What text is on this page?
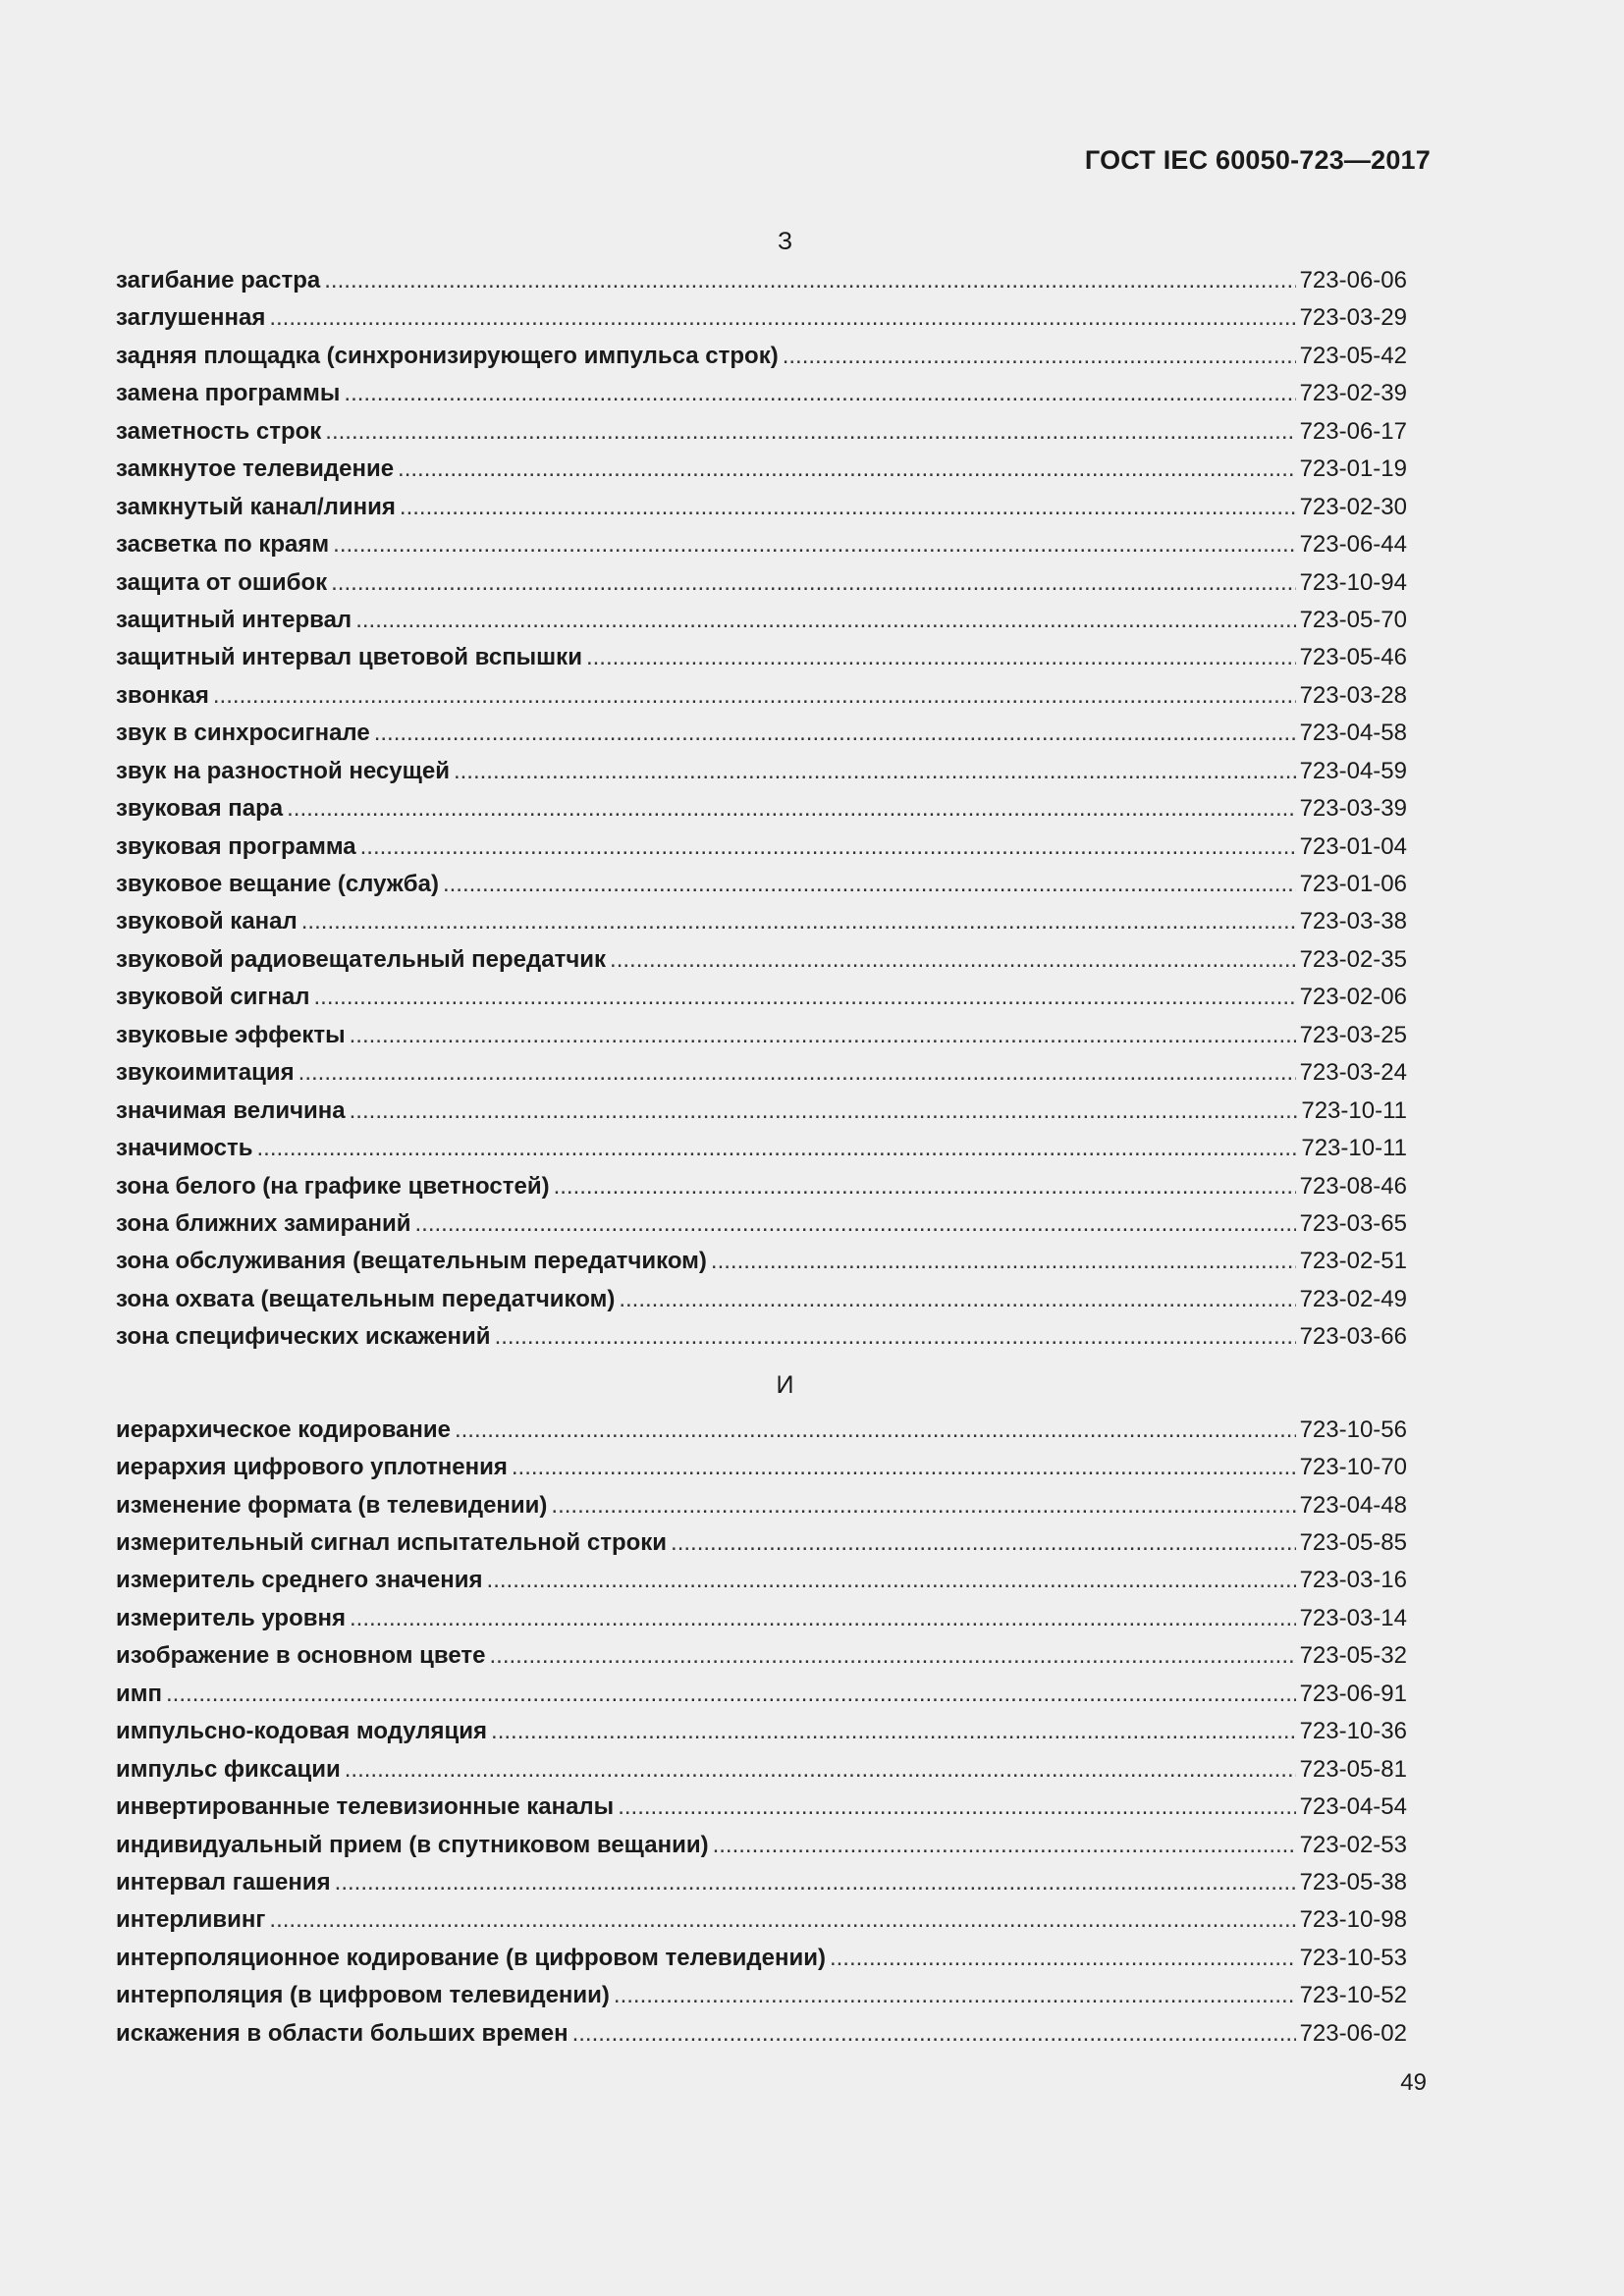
ГОСТ IEC 60050-723—2017
З
загибание растра .....	723-06-06
заглушенная .....	723-03-29
задняя площадка (синхронизирующего импульса строк) .....	723-05-42
замена программы .....	723-02-39
заметность строк .....	723-06-17
замкнутое телевидение .....	723-01-19
замкнутый канал/линия .....	723-02-30
засветка по краям .....	723-06-44
защита от ошибок .....	723-10-94
защитный интервал .....	723-05-70
защитный интервал цветовой вспышки .....	723-05-46
звонкая .....	723-03-28
звук в синхросигнале .....	723-04-58
звук на разностной несущей .....	723-04-59
звуковая пара .....	723-03-39
звуковая программа .....	723-01-04
звуковое вещание (служба) .....	723-01-06
звуковой канал .....	723-03-38
звуковой радиовещательный передатчик .....	723-02-35
звуковой сигнал .....	723-02-06
звуковые эффекты .....	723-03-25
звукоимитация .....	723-03-24
значимая величина .....	723-10-11
значимость .....	723-10-11
зона белого (на графике цветностей) .....	723-08-46
зона ближних замираний .....	723-03-65
зона обслуживания (вещательным передатчиком) .....	723-02-51
зона охвата (вещательным передатчиком) .....	723-02-49
зона специфических искажений .....	723-03-66
И
иерархическое кодирование .....	723-10-56
иерархия цифрового уплотнения .....	723-10-70
изменение формата (в телевидении) .....	723-04-48
измерительный сигнал испытательной строки .....	723-05-85
измеритель среднего значения .....	723-03-16
измеритель уровня .....	723-03-14
изображение в основном цвете .....	723-05-32
имп .....	723-06-91
импульсно-кодовая модуляция .....	723-10-36
импульс фиксации .....	723-05-81
инвертированные телевизионные каналы .....	723-04-54
индивидуальный прием (в спутниковом вещании) .....	723-02-53
интервал гашения .....	723-05-38
интерливинг .....	723-10-98
интерполяционное кодирование (в цифровом телевидении) .....	723-10-53
интерполяция (в цифровом телевидении) .....	723-10-52
искажения в области больших времен .....	723-06-02
49
